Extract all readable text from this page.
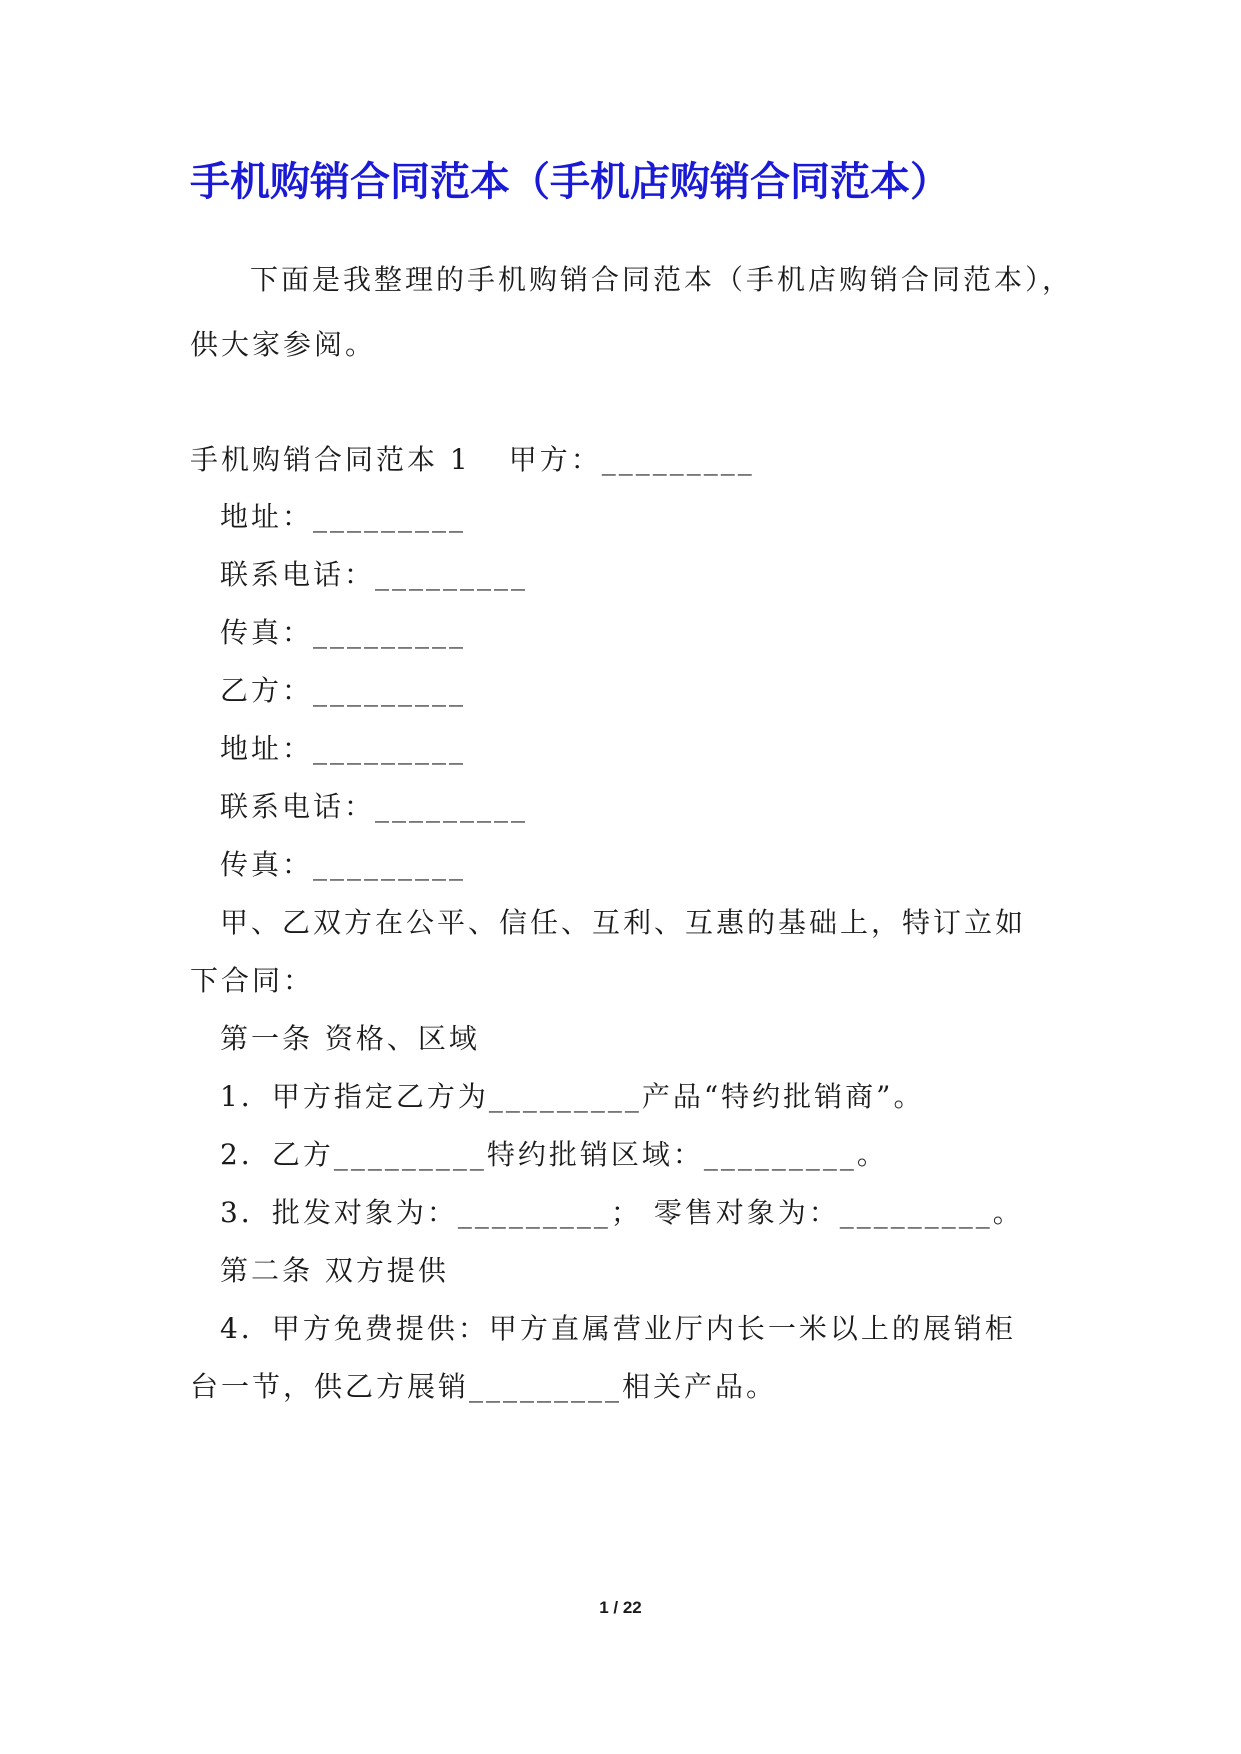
手机购销合同范本（手机店购销合同范本）

下面是我整理的手机购销合同范本（手机店购销合同范本），

供大家参阅。

手机购销合同范本 1 甲方：_________

地址：_________

联系电话：_________

传真：_________

乙方：_________

地址：_________

联系电话：_________

传真：_________

甲、乙双方在公平、信任、互利、互惠的基础上，特订立如

下合同：

第一条 资格、区域

1．甲方指定乙方为_________产品“特约批销商”。

2．乙方_________特约批销区域：_________。

3．批发对象为：_________； 零售对象为：_________。

第二条 双方提供

4．甲方免费提供：甲方直属营业厅内长一米以上的展销柜

台一节，供乙方展销_________相关产品。

1 / 22
